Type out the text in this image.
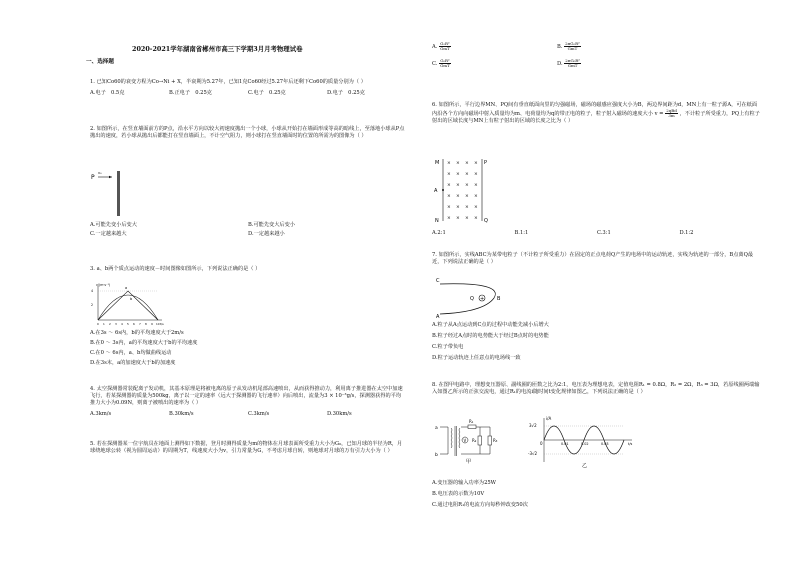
2020-2021学年湖南省郴州市高三下学期3月月考物理试卷
一、选择题
1. 已知Co60的衰变方程为Co→Ni + X，半衰期为5.27年，已知1克Co60经过5.27年后还剩下Co60的质量分别为（ ）
A.电子　0.5克	B.正电子　0.25克	C.电子　0.25克	D.电子　0.25克
2. 如图所示，在竖直墙面前方的P点，沿水平方向以较大初速度抛出一个小球，小球从开始打在墙面形成等高的暗线上，至落地小球从P点抛出的速度，若小球从抛出后都能打在竖直墙面上，不计空气阻力，则小球打在竖直墙面时的位置的所需为的图像为（ ）
P
v₀
A.可能先变小后变大	B.可能先变大后变小
C.一定越来越大	D.一定越来越小
3. a、b两个质点运动的速度－时间图像如图所示，下列说法正确的是（ ）
v/(m·s⁻¹)
4
2
a
b
0 1 2 3 4 5 6 7 8 9 10 t/s
A.在3s ～ 6s内，b的平均速度大于2m/s
B.在0 ～ 3s内，a的平均速度大于b的平均速度
C.在0 ～ 6s内，a、b均做曲线运动
D.在3s末，a的加速度大于b的加速度
4. 太空探测器常装配离子发动机，其基本原理是将被电离的原子从发动机尾部高速喷出，从而获得推动力，利用离子推进器在太空中加速飞行，若某探测器的质量为500kg，离子以一定的速率（远大于探测器的飞行速率）向后喷出，流量为3 × 10⁻³g/s，探测器获得的平均推力大小为0.09N，则离子被喷出的速率为（ ）
A.3km/s	B.30km/s	C.3km/s	D.30km/s
5. 若在探测器某一位宇航员在地面上测得如下数据，登月时测得质量为m的物体在月球表面所受重力大小为G₀，已知月球的半径为R，月球绕地球公转（视为圆周运动）的周期为T，线速度大小为v，引力常量为G，不考虑月球自转，则地球对月球的万有引力大小为（ ）
A. $\frac{\text{G₀R²}}{\text{GmT}}$	B. $\frac{\text{2πG₀R²}}{\text{GmT}}$
C. $\frac{\text{G₀R²}}{\text{GmT}}$	D. $\frac{\text{2πG₀R²}}{\text{GmT}}$
6. 如图所示，平行边界MN、PQ间有垂直纸面向里的匀强磁场，磁场的磁感应强度大小为B，两边界间距为d，MN上有一粒子源A，可在纸面内沿各个方向向磁场中射入质量均为m、电荷量均为q的带正电的粒子，粒子射入磁场的速度大小 $v = \frac{\text{2qBd}}{3m}$ ，不计粒子所受重力，PQ上有粒子射出的区域长度与MN上有粒子射出的区域的长度之比为（ ）
M	P
N	Q
A
× × × ×
× × × ×
× × × ×
× × × ×
× × × ×
× × × ×
A.2:1	B.1:1	C.3:1	D.1:2
7. 如图所示，实线ABC为某带电粒子（不计粒子所受重力）在固定的正点电荷Q产生的电场中的运动轨迹，实线为轨迹的一部分，B点离Q最近，下列说法正确的是（ ）
C
A
B
Q +
A.粒子从A点运动到C点的过程中动能先减小后增大
B.粒子经过A点时的电势能大于经过B点时的电势能
C.粒子带负电
D.粒子运动轨迹上任意点的电场线一致
8. 在图甲电路中，理想变压器原、副线圈的匝数之比为2:1，电压表为理想电表，定值电阻R₁ = 0.8Ω，R₂ = 2Ω，R₃ = 3Ω，若原线圈两端输入如图乙所示的正弦交流电，通过R₁的电流i随时间t变化规律如图乙，下列说法正确的是（ ）
a
b
R₁
V R₂	R₃
甲
i/A
3√2
-3√2
0	0.01	0.02	0.03	t/s
乙
A.变压器的输入功率为25W
B.电压表的示数为10V
C.通过电阻R₁的电流方向每秒钟改变50次
